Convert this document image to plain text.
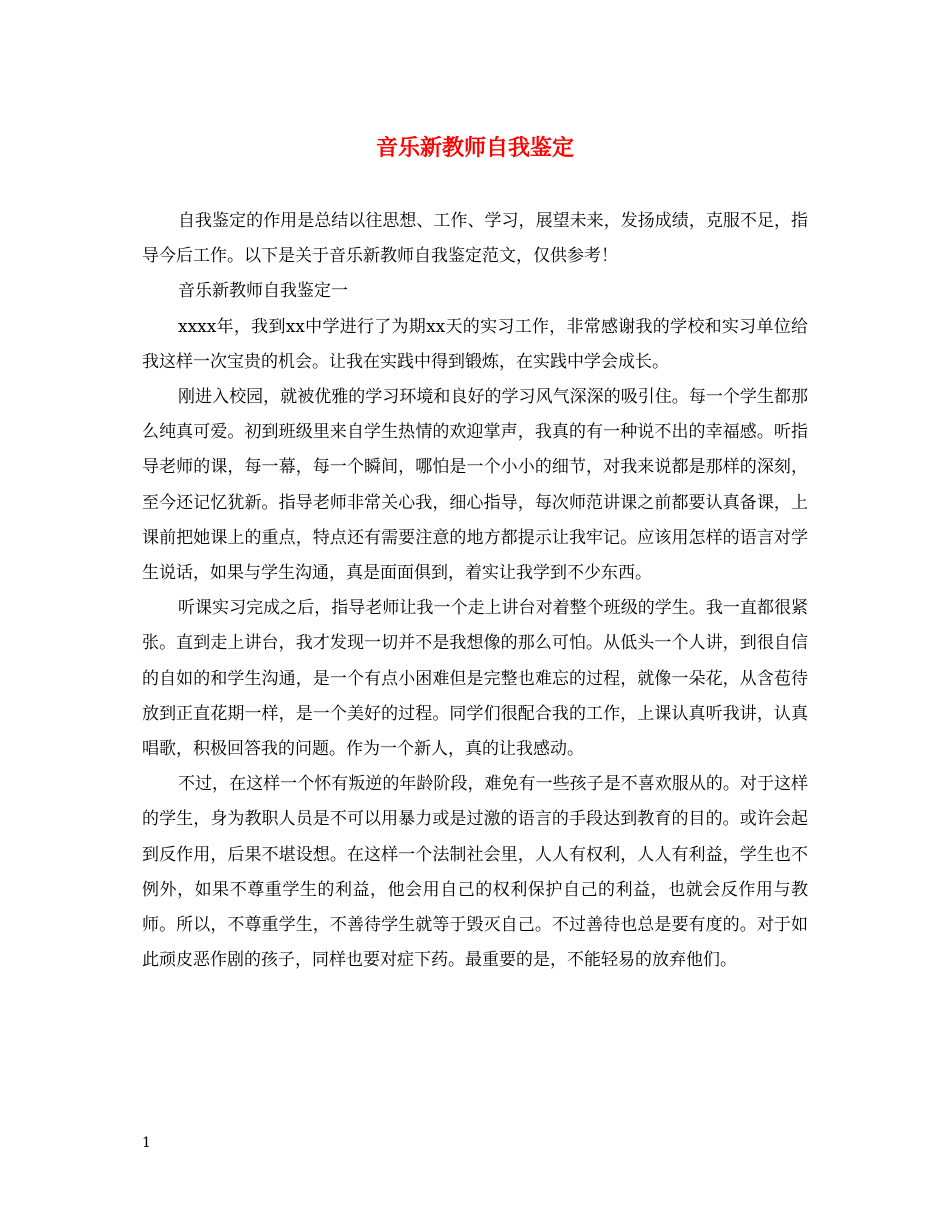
音乐新教师自我鉴定

自我鉴定的作用是总结以往思想、工作、学习，展望未来，发扬成绩，克服不足，指导今后工作。以下是关于音乐新教师自我鉴定范文，仅供参考！

音乐新教师自我鉴定一

xxxx年，我到xx中学进行了为期xx天的实习工作，非常感谢我的学校和实习单位给我这样一次宝贵的机会。让我在实践中得到锻炼，在实践中学会成长。

刚进入校园，就被优雅的学习环境和良好的学习风气深深的吸引住。每一个学生都那么纯真可爱。初到班级里来自学生热情的欢迎掌声，我真的有一种说不出的幸福感。听指导老师的课，每一幕，每一个瞬间，哪怕是一个小小的细节，对我来说都是那样的深刻，至今还记忆犹新。指导老师非常关心我，细心指导，每次师范讲课之前都要认真备课，上课前把她课上的重点，特点还有需要注意的地方都提示让我牢记。应该用怎样的语言对学生说话，如果与学生沟通，真是面面俱到，着实让我学到不少东西。

听课实习完成之后，指导老师让我一个走上讲台对着整个班级的学生。我一直都很紧张。直到走上讲台，我才发现一切并不是我想像的那么可怕。从低头一个人讲，到很自信的自如的和学生沟通，是一个有点小困难但是完整也难忘的过程，就像一朵花，从含苞待放到正直花期一样，是一个美好的过程。同学们很配合我的工作，上课认真听我讲，认真唱歌，积极回答我的问题。作为一个新人，真的让我感动。

不过，在这样一个怀有叛逆的年龄阶段，难免有一些孩子是不喜欢服从的。对于这样的学生，身为教职人员是不可以用暴力或是过激的语言的手段达到教育的目的。或许会起到反作用，后果不堪设想。在这样一个法制社会里，人人有权利，人人有利益，学生也不例外，如果不尊重学生的利益，他会用自己的权利保护自己的利益，也就会反作用与教师。所以，不尊重学生，不善待学生就等于毁灭自己。不过善待也总是要有度的。对于如此顽皮恶作剧的孩子，同样也要对症下药。最重要的是，不能轻易的放弃他们。

1
